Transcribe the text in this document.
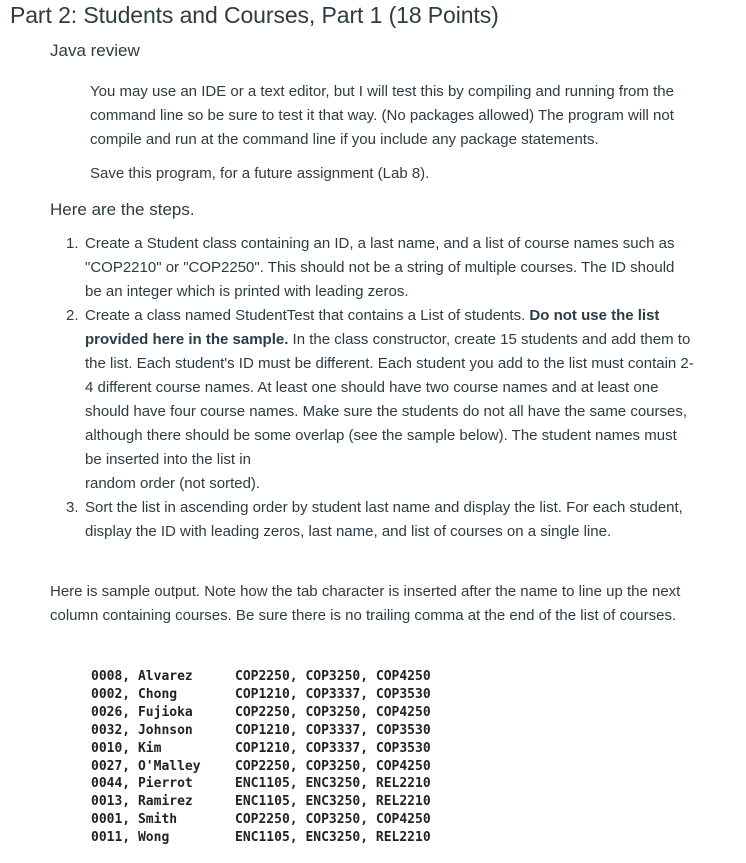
Part 2: Students and Courses, Part 1 (18 Points)
Java review

You may use an IDE or a text editor, but I will test this by compiling and running from the command line so be sure to test it that way. (No packages allowed) The program will not compile and run at the command line if you include any package statements.

Save this program, for a future assignment (Lab 8).

Here are the steps.
1. Create a Student class containing an ID, a last name, and a list of course names such as "COP2210" or "COP2250". This should not be a string of multiple courses. The ID should be an integer which is printed with leading zeros.
2. Create a class named StudentTest that contains a List of students. Do not use the list provided here in the sample. In the class constructor, create 15 students and add them to the list. Each student's ID must be different. Each student you add to the list must contain 2-4 different course names. At least one should have two course names and at least one should have four course names. Make sure the students do not all have the same courses, although there should be some overlap (see the sample below). The student names must be inserted into the list in
random order (not sorted).
3. Sort the list in ascending order by student last name and display the list. For each student, display the ID with leading zeros, last name, and list of courses on a single line.
Here is sample output. Note how the tab character is inserted after the name to line up the next column containing courses. Be sure there is no trailing comma at the end of the list of courses.
0008, Alvarez	COP2250, COP3250, COP4250
0002, Chong	COP1210, COP3337, COP3530
0026, Fujioka	COP2250, COP3250, COP4250
0032, Johnson	COP1210, COP3337, COP3530
0010, Kim	COP1210, COP3337, COP3530
0027, O'Malley	COP2250, COP3250, COP4250
0044, Pierrot	ENC1105, ENC3250, REL2210
0013, Ramirez	ENC1105, ENC3250, REL2210
0001, Smith	COP2250, COP3250, COP4250
0011, Wong	ENC1105, ENC3250, REL2210
